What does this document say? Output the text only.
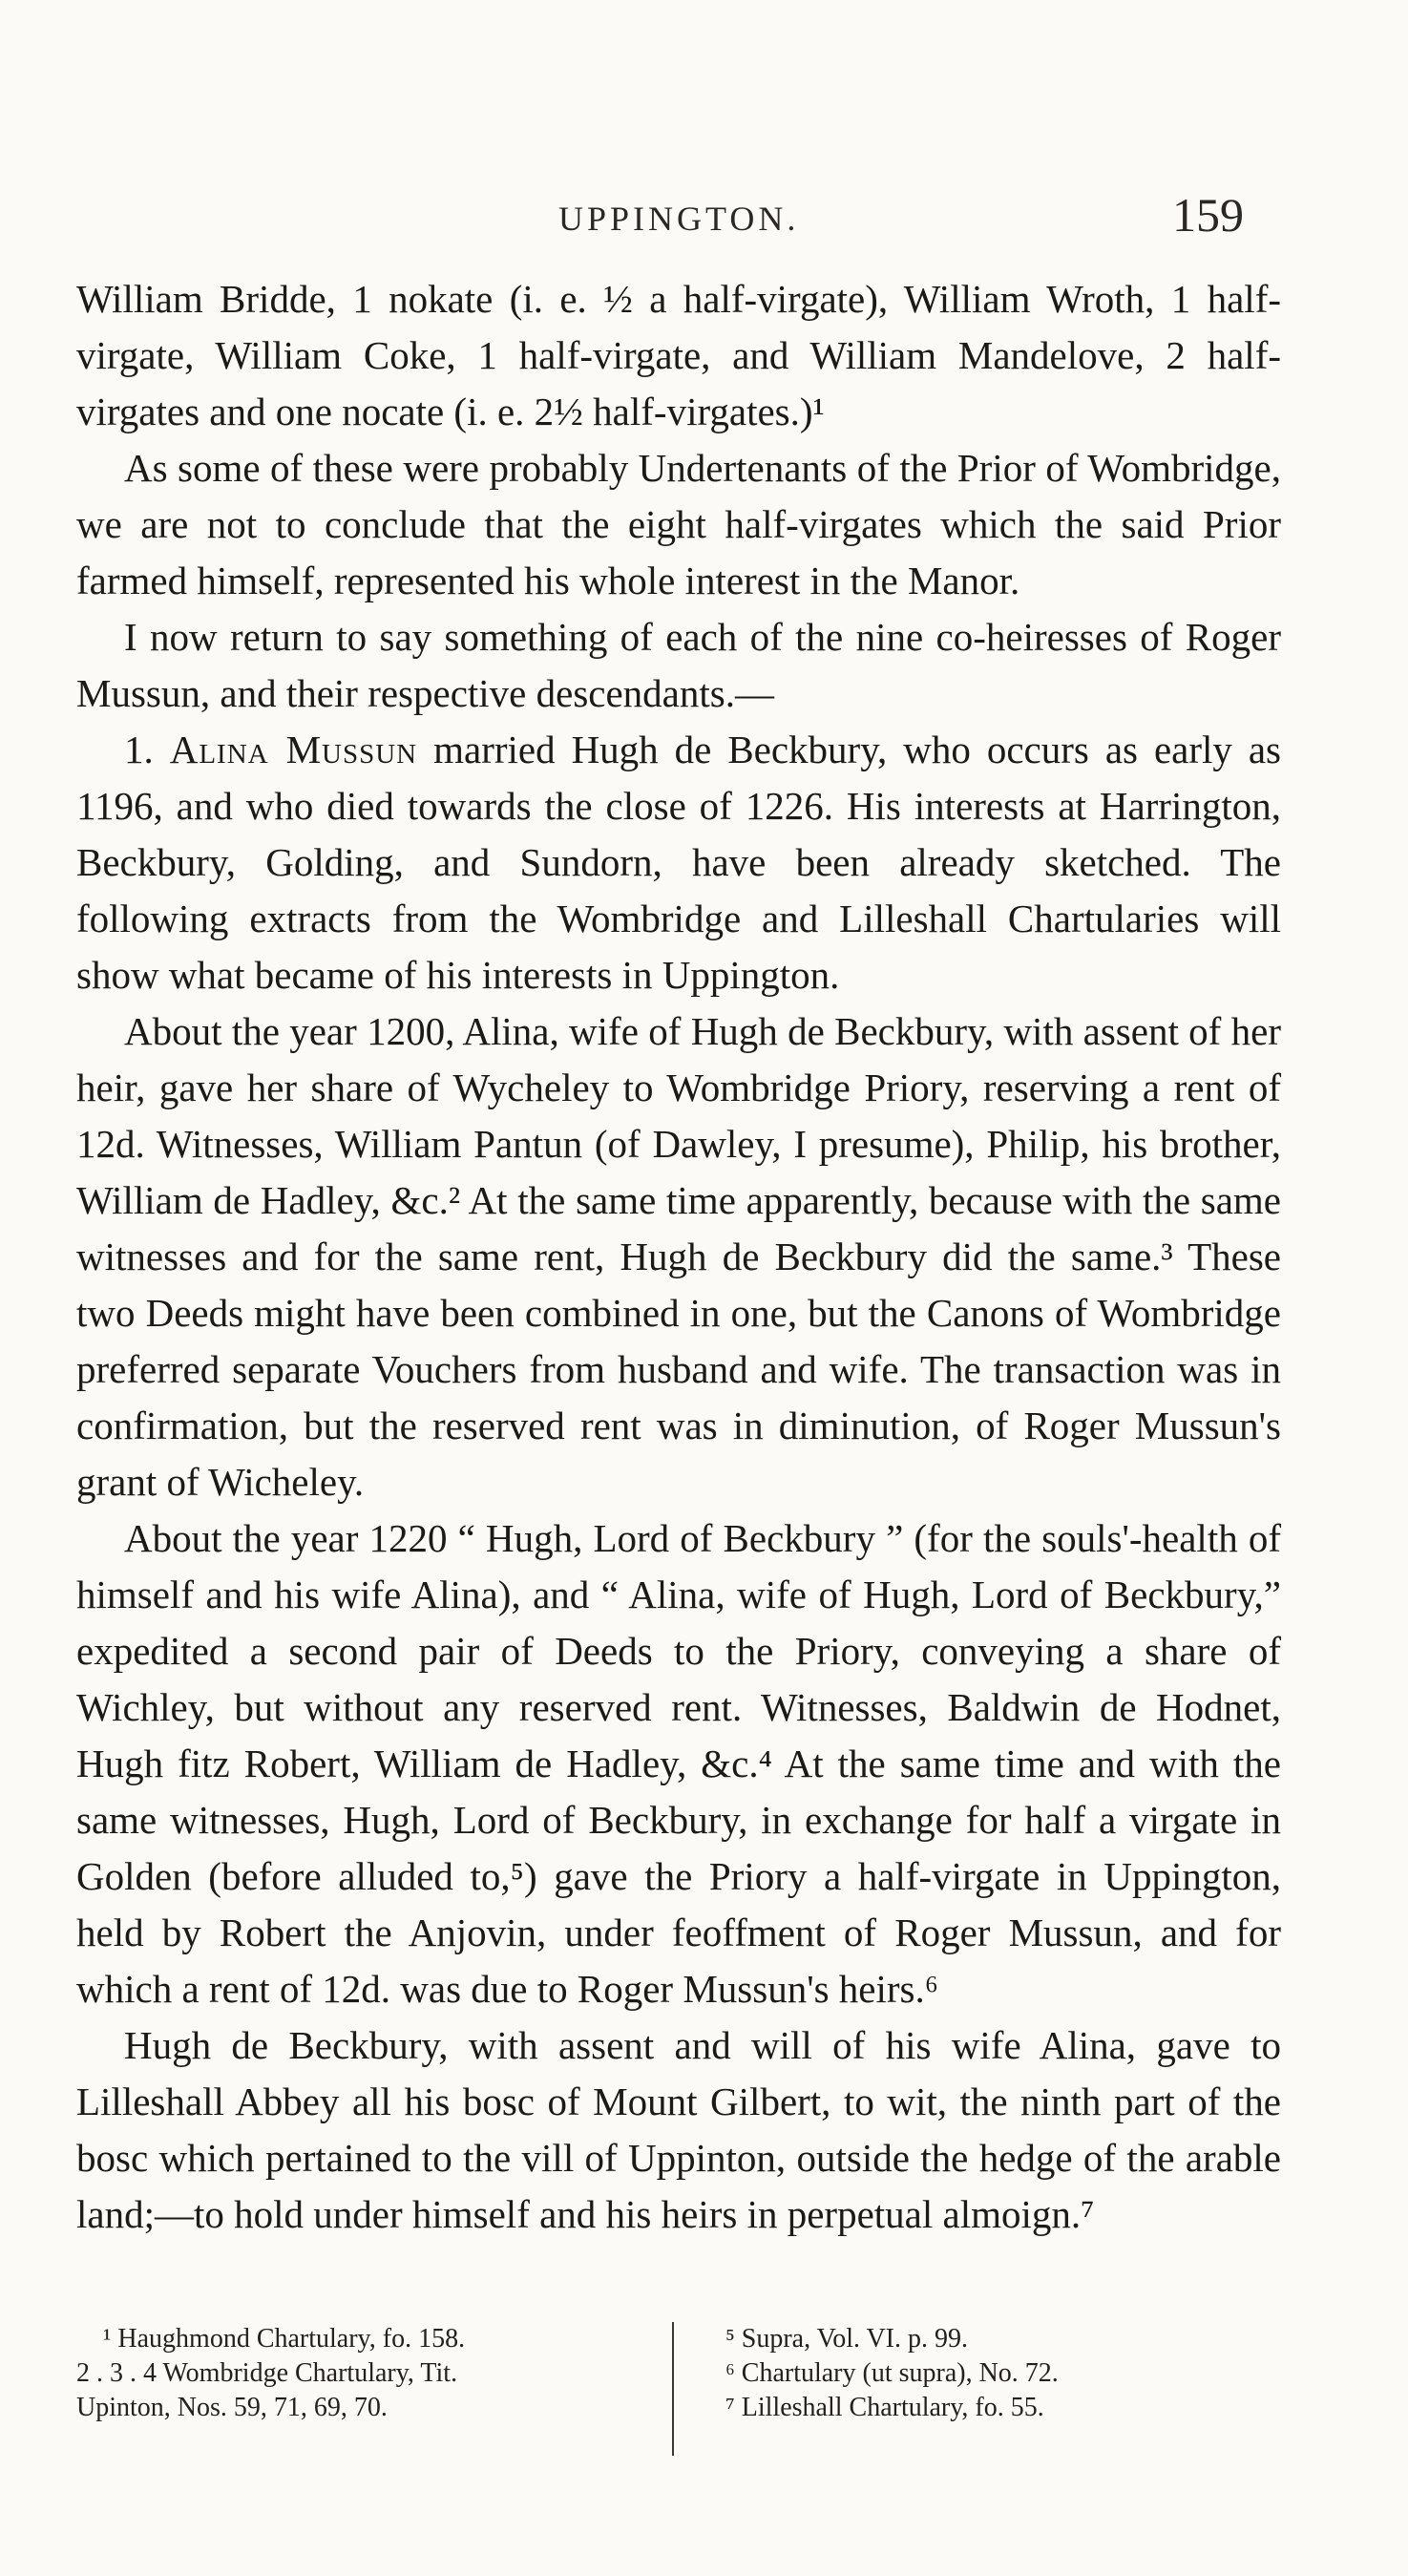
UPPINGTON.	159

William Bridde, 1 nokate (i. e. ½ a half-virgate), William Wroth, 1 half-virgate, William Coke, 1 half-virgate, and William Mandelove, 2 half-virgates and one nocate (i. e. 2½ half-virgates.)¹

As some of these were probably Undertenants of the Prior of Wombridge, we are not to conclude that the eight half-virgates which the said Prior farmed himself, represented his whole interest in the Manor.

I now return to say something of each of the nine co-heiresses of Roger Mussun, and their respective descendants.—

1. Alina Mussun married Hugh de Beckbury, who occurs as early as 1196, and who died towards the close of 1226. His interests at Harrington, Beckbury, Golding, and Sundorn, have been already sketched. The following extracts from the Wombridge and Lilleshall Chartularies will show what became of his interests in Uppington.

About the year 1200, Alina, wife of Hugh de Beckbury, with assent of her heir, gave her share of Wycheley to Wombridge Priory, reserving a rent of 12d. Witnesses, William Pantun (of Dawley, I presume), Philip, his brother, William de Hadley, &c.² At the same time apparently, because with the same witnesses and for the same rent, Hugh de Beckbury did the same.³ These two Deeds might have been combined in one, but the Canons of Wombridge preferred separate Vouchers from husband and wife. The transaction was in confirmation, but the reserved rent was in diminution, of Roger Mussun's grant of Wicheley.

About the year 1220 “ Hugh, Lord of Beckbury ” (for the souls'-health of himself and his wife Alina), and “ Alina, wife of Hugh, Lord of Beckbury,” expedited a second pair of Deeds to the Priory, conveying a share of Wichley, but without any reserved rent. Witnesses, Baldwin de Hodnet, Hugh fitz Robert, William de Hadley, &c.⁴ At the same time and with the same witnesses, Hugh, Lord of Beckbury, in exchange for half a virgate in Golden (before alluded to,⁵) gave the Priory a half-virgate in Uppington, held by Robert the Anjovin, under feoffment of Roger Mussun, and for which a rent of 12d. was due to Roger Mussun's heirs.⁶

Hugh de Beckbury, with assent and will of his wife Alina, gave to Lilleshall Abbey all his bosc of Mount Gilbert, to wit, the ninth part of the bosc which pertained to the vill of Uppinton, outside the hedge of the arable land;—to hold under himself and his heirs in perpetual almoign.⁷

¹ Haughmond Chartulary, fo. 158.
2 . 3 . 4 Wombridge Chartulary, Tit.
Upinton, Nos. 59, 71, 69, 70.
⁵ Supra, Vol. VI. p. 99.
⁶ Chartulary (ut supra), No. 72.
⁷ Lilleshall Chartulary, fo. 55.
